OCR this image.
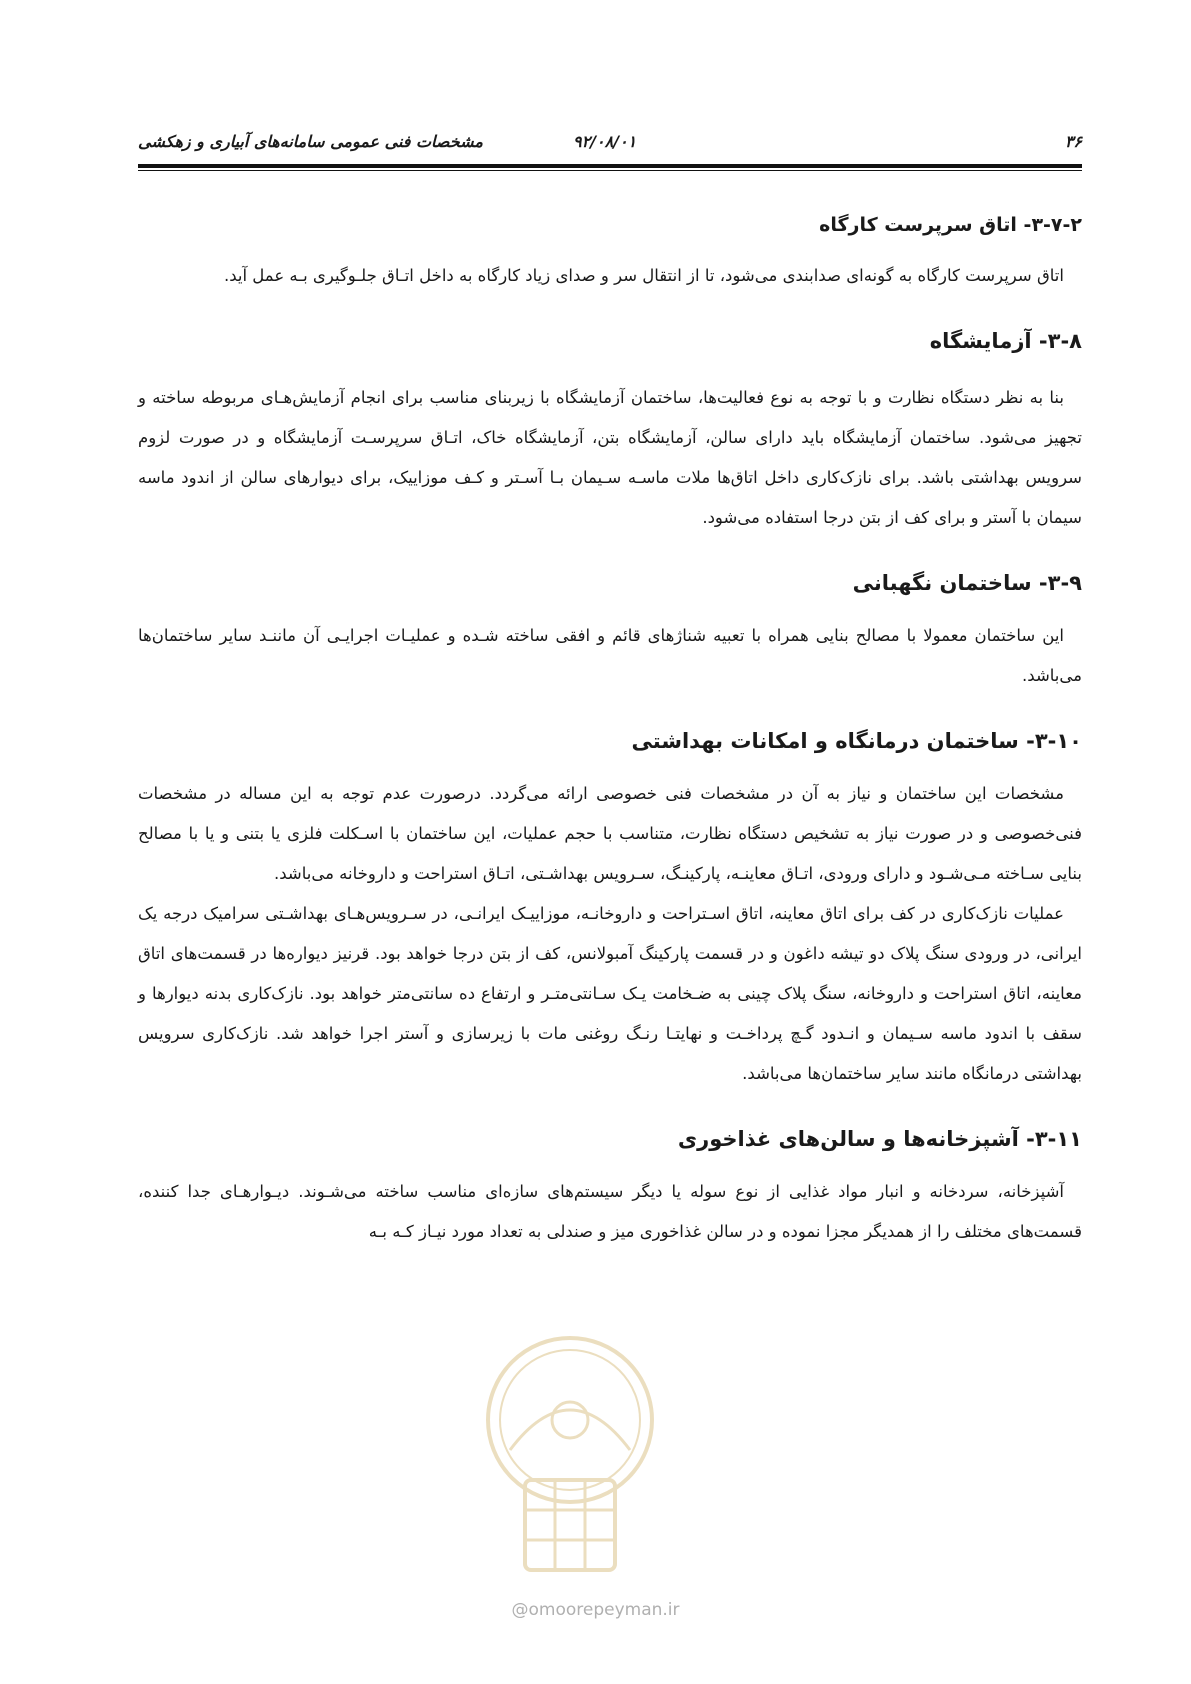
۳۶
۹۲/۰۸/۰۱
مشخصات فنی عمومی سامانه‌های آبیاری و زهکشی
۳-۷-۲- اتاق سرپرست کارگاه

اتاق سرپرست کارگاه به گونه‌ای صدابندی می‌شود، تا از انتقال سر و صدای زیاد کارگاه به داخل اتـاق جلـوگیری بـه عمل آید.

۳-۸- آزمایشگاه

بنا به نظر دستگاه نظارت و با توجه به نوع فعالیت‌ها، ساختمان آزمایشگاه با زیربنای مناسب برای انجام آزمایش‌هـای مربوطه ساخته و تجهیز می‌شود. ساختمان آزمایشگاه باید دارای سالن، آزمایشگاه بتن، آزمایشگاه خاک، اتـاق سرپرسـت آزمایشگاه و در صورت لزوم سرویس بهداشتی باشد. برای نازک‌کاری داخل اتاق‌ها ملات ماسـه سـیمان بـا آسـتر و کـف موزاییک، برای دیوارهای سالن از اندود ماسه سیمان با آستر و برای کف از بتن درجا استفاده می‌شود.

۳-۹- ساختمان نگهبانی

این ساختمان معمولا با مصالح بنایی همراه با تعبیه شناژهای قائم و افقی ساخته شـده و عملیـات اجرایـی آن ماننـد سایر ساختمان‌ها می‌باشد.

۳-۱۰- ساختمان درمانگاه و امکانات بهداشتی

مشخصات این ساختمان و نیاز به آن در مشخصات فنی خصوصی ارائه می‌گردد. درصورت عدم توجه به این مساله در مشخصات فنی‌خصوصی و در صورت نیاز به تشخیص دستگاه نظارت، متناسب با حجم عملیات، این ساختمان با اسـکلت فلزی یا بتنی و یا با مصالح بنایی سـاخته مـی‌شـود و دارای ورودی، اتـاق معاینـه، پارکینـگ، سـرویس بهداشـتی، اتـاق استراحت و داروخانه می‌باشد.

عملیات نازک‌کاری در کف برای اتاق معاینه، اتاق اسـتراحت و داروخانـه، موزاییـک ایرانـی، در سـرویس‌هـای بهداشـتی سرامیک درجه یک ایرانی، در ورودی سنگ پلاک دو تیشه داغون و در قسمت پارکینگ آمبولانس، کف از بتن درجا خواهد بود. قرنیز دیواره‌ها در قسمت‌های اتاق معاینه، اتاق استراحت و داروخانه، سنگ پلاک چینی به ضـخامت یـک سـانتی‌متـر و ارتفاع ده سانتی‌متر خواهد بود. نازک‌کاری بدنه دیوارها و سقف با اندود ماسه سـیمان و انـدود گـچ پرداخـت و نهایتـا رنـگ روغنی مات با زیرسازی و آستر اجرا خواهد شد. نازک‌کاری سرویس بهداشتی درمانگاه مانند سایر ساختمان‌ها می‌باشد.

۳-۱۱- آشپزخانه‌ها و سالن‌های غذاخوری

آشپزخانه، سردخانه و انبار مواد غذایی از نوع سوله یا دیگر سیستم‌های سازه‌ای مناسب ساخته می‌شـوند. دیـوارهـای جدا کننده، قسمت‌های مختلف را از همدیگر مجزا نموده و در سالن غذاخوری میز و صندلی به تعداد مورد نیـاز کـه بـه

@omoorepeyman.ir
